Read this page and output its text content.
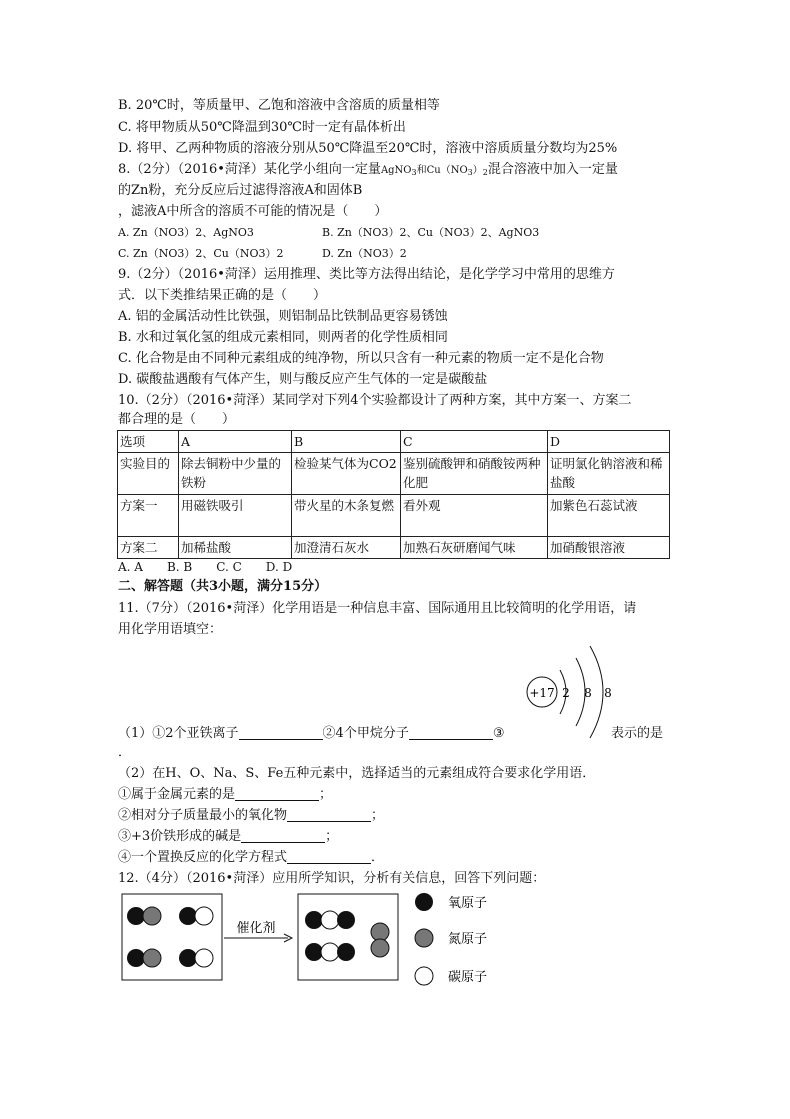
B. 20℃时，等质量甲、乙饱和溶液中含溶质的质量相等
C. 将甲物质从50℃降温到30℃时一定有晶体析出
D. 将甲、乙两种物质的溶液分别从50℃降温至20℃时，溶液中溶质质量分数均为25%
8.（2分）（2016•菏泽）某化学小组向一定量AgNO$_3$和$Cu(NO_3)_2$混合溶液中加入一定量
的Zn粉，充分反应后过滤得溶液A和固体B
，滤液A中所含的溶质不可能的情况是（　　）
A. Zn（NO3）2、AgNO3	B. Zn（NO3）2、Cu（NO3）2、AgNO3
C. Zn（NO3）2、Cu（NO3）2	D. Zn（NO3）2
9.（2分）（2016•菏泽）运用推理、类比等方法得出结论，是化学学习中常用的思维方
式．以下类推结果正确的是（　　）
A. 铝的金属活动性比铁强，则铝制品比铁制品更容易锈蚀
B. 水和过氧化氢的组成元素相同，则两者的化学性质相同
C. 化合物是由不同种元素组成的纯净物，所以只含有一种元素的物质一定不是化合物
D. 碳酸盐遇酸有气体产生，则与酸反应产生气体的一定是碳酸盐
10.（2分）（2016•菏泽）某同学对下列4个实验都设计了两种方案，其中方案一、方案二
都合理的是（　　）
选项	A	B	C	D
实验目的	除去铜粉中少量的铁粉	检验某气体为CO2	鉴别硫酸钾和硝酸铵两种化肥	证明氯化钠溶液和稀盐酸
方案一	用磁铁吸引	带火星的木条复燃	看外观	加紫色石蕊试液
方案二	加稀盐酸	加澄清石灰水	加熟石灰研磨闻气味	加硝酸银溶液
A. A　　B. B　　C. C　　D. D
二、解答题（共3小题，满分15分）
11.（7分）（2016•菏泽）化学用语是一种信息丰富、国际通用且比较简明的化学用语，请
用化学用语填空：
+17 2 8 8
（1）①2个亚铁离子	②4个甲烷分子	③	表示的是
．
（2）在H、O、Na、S、Fe五种元素中，选择适当的元素组成符合要求化学用语．
①属于金属元素的是	；
②相对分子质量最小的氧化物	；
③+3价铁形成的碱是	；
④一个置换反应的化学方程式	．
12.（4分）（2016•菏泽）应用所学知识，分析有关信息，回答下列问题：
催化剂
氧原子
氮原子
碳原子
